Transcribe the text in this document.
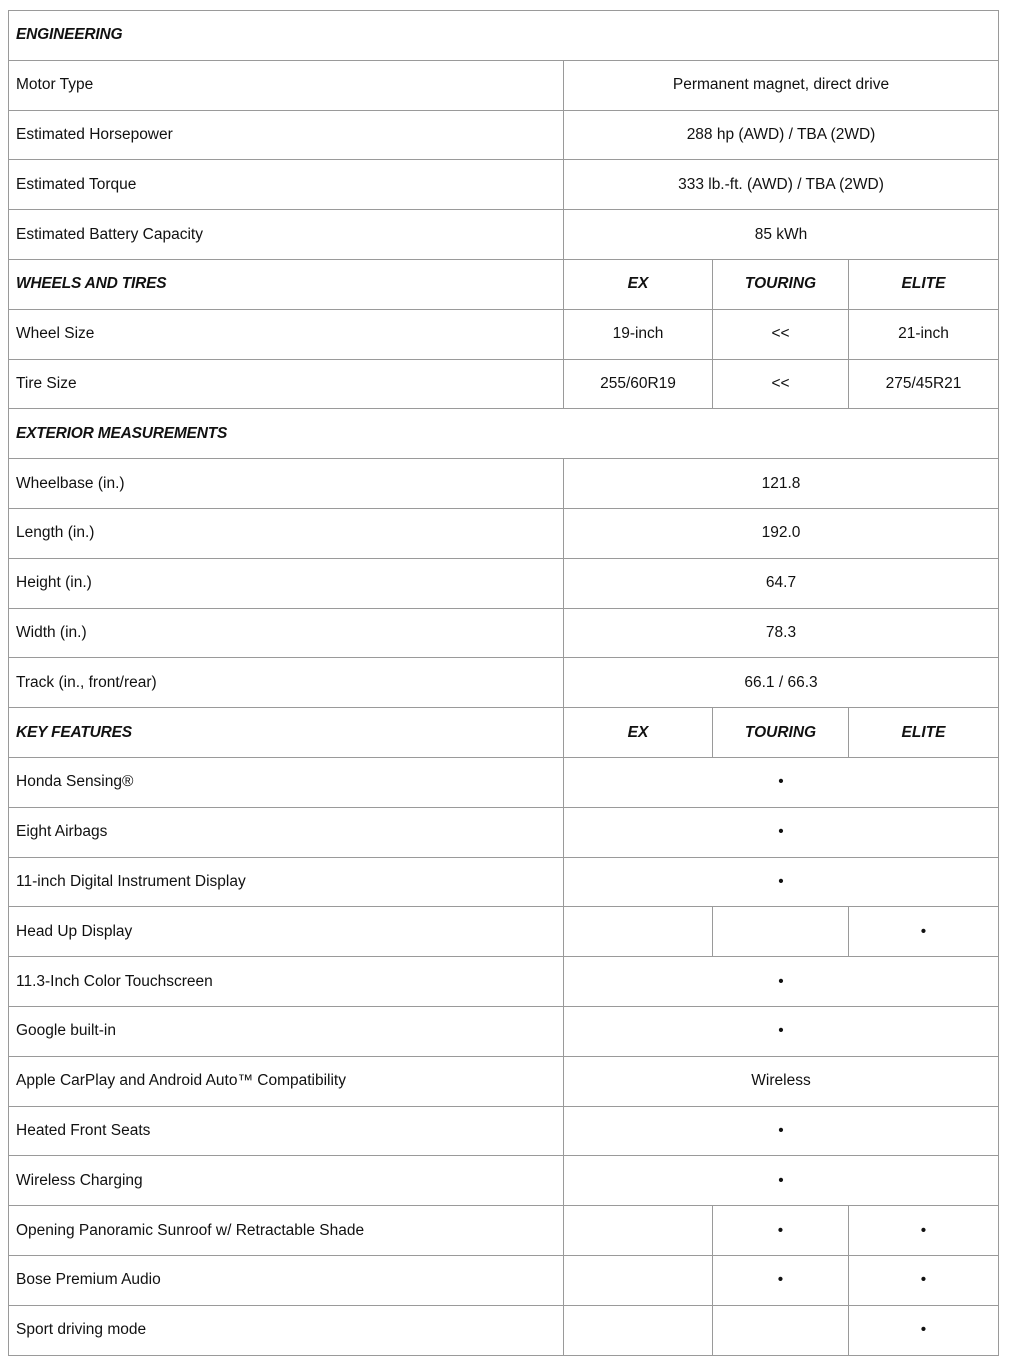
ENGINEERING			
Motor Type	Permanent magnet, direct drive		
Estimated Horsepower	288 hp (AWD) / TBA (2WD)		
Estimated Torque	333 lb.-ft. (AWD) / TBA (2WD)		
Estimated Battery Capacity	85 kWh		
WHEELS AND TIRES	EX	TOURING	ELITE
Wheel Size	19-inch	<<	21-inch
Tire Size	255/60R19	<<	275/45R21
EXTERIOR MEASUREMENTS			
Wheelbase (in.)	121.8		
Length (in.)	192.0		
Height (in.)	64.7		
Width (in.)	78.3		
Track (in., front/rear)	66.1 / 66.3		
KEY FEATURES	EX	TOURING	ELITE
Honda Sensing®	•		
Eight Airbags	•		
11-inch Digital Instrument Display	•		
Head Up Display			•
11.3-Inch Color Touchscreen	•		
Google built-in	•		
Apple CarPlay and Android Auto™ Compatibility	Wireless		
Heated Front Seats	•		
Wireless Charging	•		
Opening Panoramic Sunroof w/ Retractable Shade		•	•
Bose Premium Audio		•	•
Sport driving mode			•
